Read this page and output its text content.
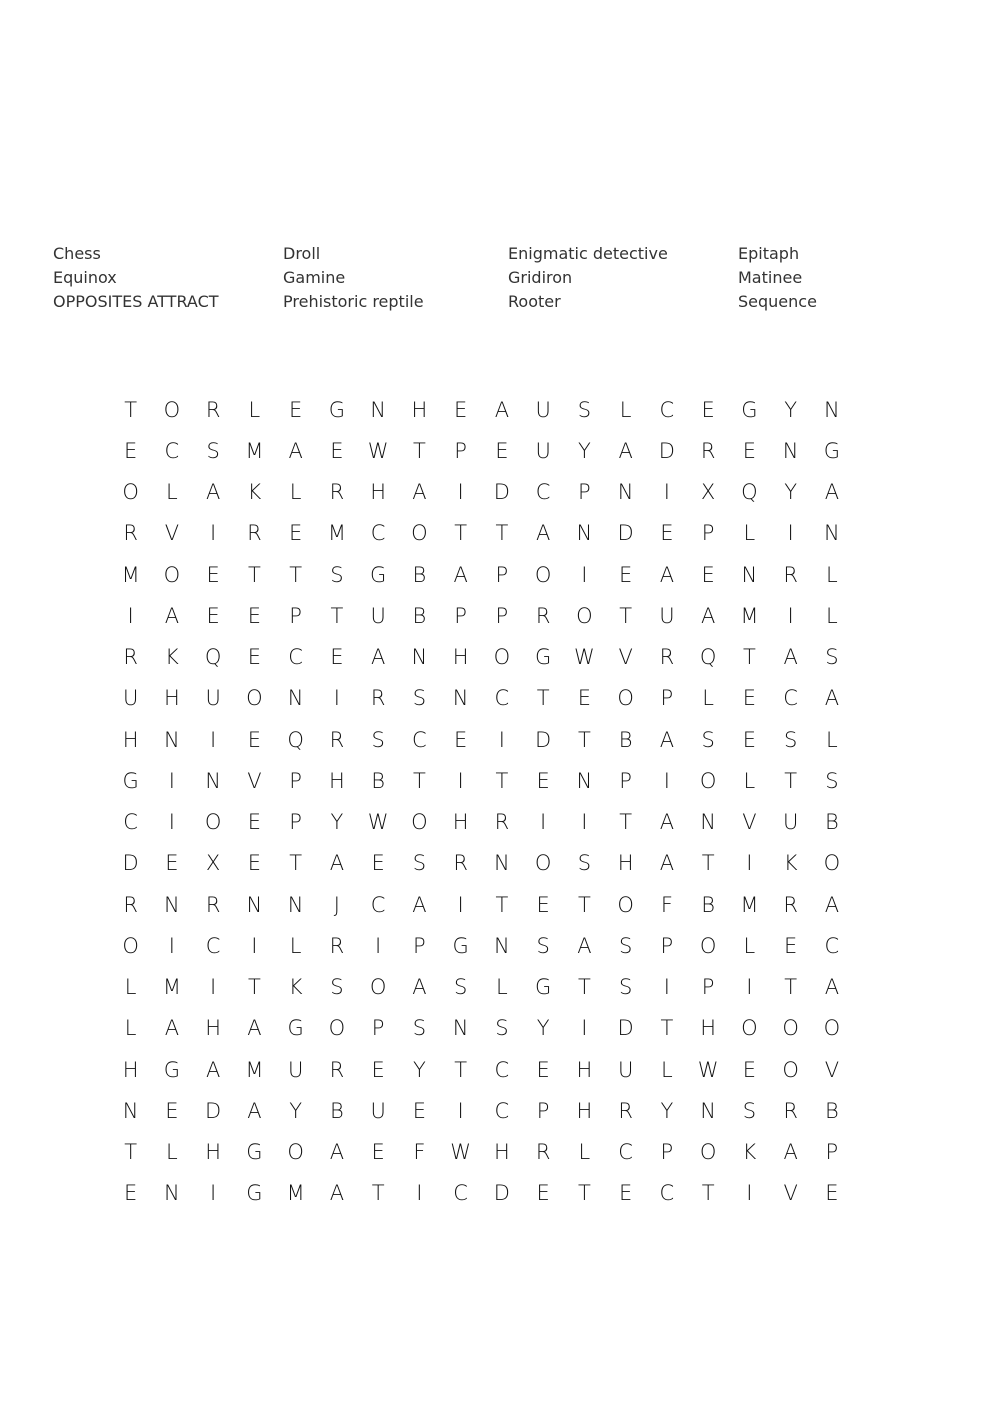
Chess	Droll	Enigmatic detective	Epitaph
Equinox	Gamine	Gridiron	Matinee
OPPOSITES ATTRACT	Prehistoric reptile	Rooter	Sequence
T	O	R	L	E	G	N	H	E	A	U	S	L	C	E	G	Y	N
E	C	S	M	A	E	W	T	P	E	U	Y	A	D	R	E	N	G
O	L	A	K	L	R	H	A	I	D	C	P	N	I	X	Q	Y	A
R	V	I	R	E	M	C	O	T	T	A	N	D	E	P	L	I	N
M	O	E	T	T	S	G	B	A	P	O	I	E	A	E	N	R	L
I	A	E	E	P	T	U	B	P	P	R	O	T	U	A	M	I	L
R	K	Q	E	C	E	A	N	H	O	G	W	V	R	Q	T	A	S
U	H	U	O	N	I	R	S	N	C	T	E	O	P	L	E	C	A
H	N	I	E	Q	R	S	C	E	I	D	T	B	A	S	E	S	L
G	I	N	V	P	H	B	T	I	T	E	N	P	I	O	L	T	S
C	I	O	E	P	Y	W	O	H	R	I	I	T	A	N	V	U	B
D	E	X	E	T	A	E	S	R	N	O	S	H	A	T	I	K	O
R	N	R	N	N	J	C	A	I	T	E	T	O	F	B	M	R	A
O	I	C	I	L	R	I	P	G	N	S	A	S	P	O	L	E	C
L	M	I	T	K	S	O	A	S	L	G	T	S	I	P	I	T	A
L	A	H	A	G	O	P	S	N	S	Y	I	D	T	H	O	O	O
H	G	A	M	U	R	E	Y	T	C	E	H	U	L	W	E	O	V
N	E	D	A	Y	B	U	E	I	C	P	H	R	Y	N	S	R	B
T	L	H	G	O	A	E	F	W	H	R	L	C	P	O	K	A	P
E	N	I	G	M	A	T	I	C	D	E	T	E	C	T	I	V	E
